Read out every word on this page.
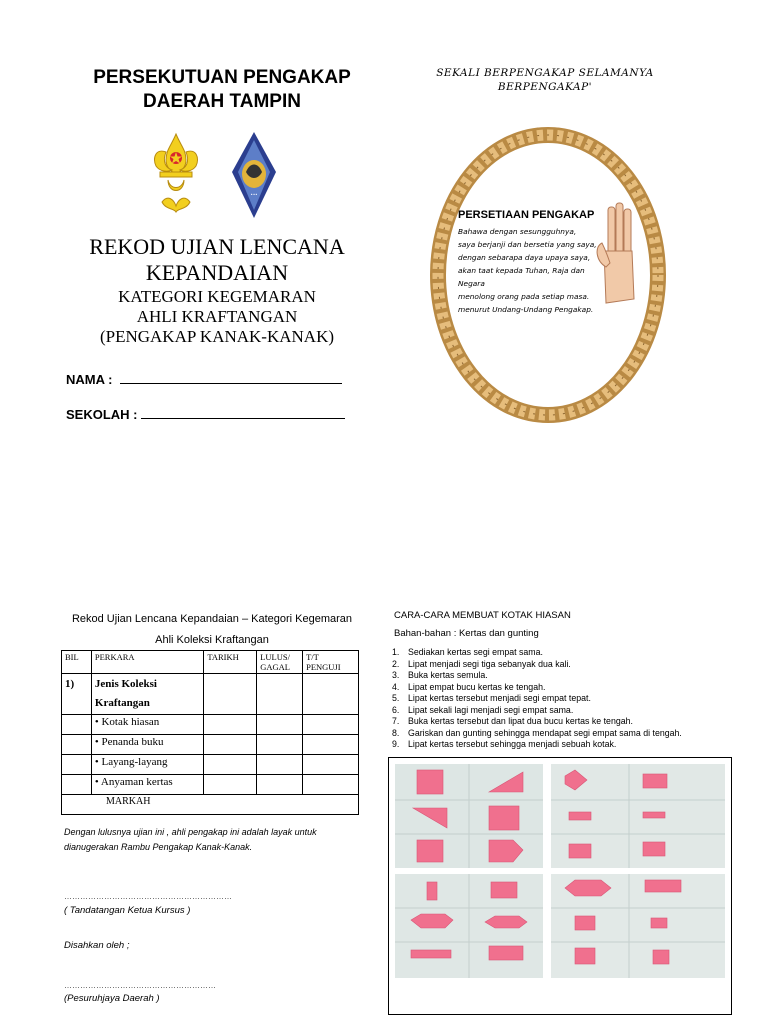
PERSEKUTUAN PENGAKAP
DAERAH TAMPIN
•••
REKOD UJIAN LENCANA
KEPANDAIAN
KATEGORI KEGEMARAN
AHLI KRAFTANGAN
(PENGAKAP KANAK-KANAK)
NAMA :
SEKOLAH :
SEKALI BERPENGAKAP SELAMANYA
BERPENGAKAP'
PERSETIAAN PENGAKAP
Bahawa dengan sesungguhnya,
saya berjanji dan bersetia yang saya,
dengan sebarapa daya upaya saya,
akan taat kepada Tuhan, Raja dan Negara
menolong orang pada setiap masa.
menurut Undang-Undang Pengakap.
Rekod Ujian Lencana Kepandaian – Kategori Kegemaran
Ahli Koleksi Kraftangan
BIL	PERKARA	TARIKH	LULUS/ GAGAL	T/T PENGUJI
1)	Jenis Koleksi Kraftangan			
	• Kotak hiasan			
	• Penanda buku			
	• Layang-layang			
	• Anyaman kertas			
MARKAH				
Dengan lulusnya ujian ini , ahli pengakap ini adalah layak untuk dianugerakan Rambu Pengakap Kanak-Kanak.
………………………………………………………
( Tandatangan Ketua Kursus )
Disahkan oleh ;
…………………………………………………
(Pesuruhjaya Daerah )
CARA-CARA MEMBUAT KOTAK HIASAN
Bahan-bahan : Kertas dan gunting
1. Sediakan kertas segi empat sama.
2. Lipat menjadi segi tiga sebanyak dua kali.
3. Buka kertas semula.
4. Lipat empat bucu kertas ke tengah.
5. Lipat kertas tersebut menjadi segi empat tepat.
6. Lipat sekali lagi menjadi segi empat sama.
7. Buka kertas tersebut dan lipat dua bucu kertas ke tengah.
8. Gariskan dan gunting sehingga mendapat segi empat sama di tengah.
9. Lipat kertas tersebut sehingga menjadi sebuah kotak.
